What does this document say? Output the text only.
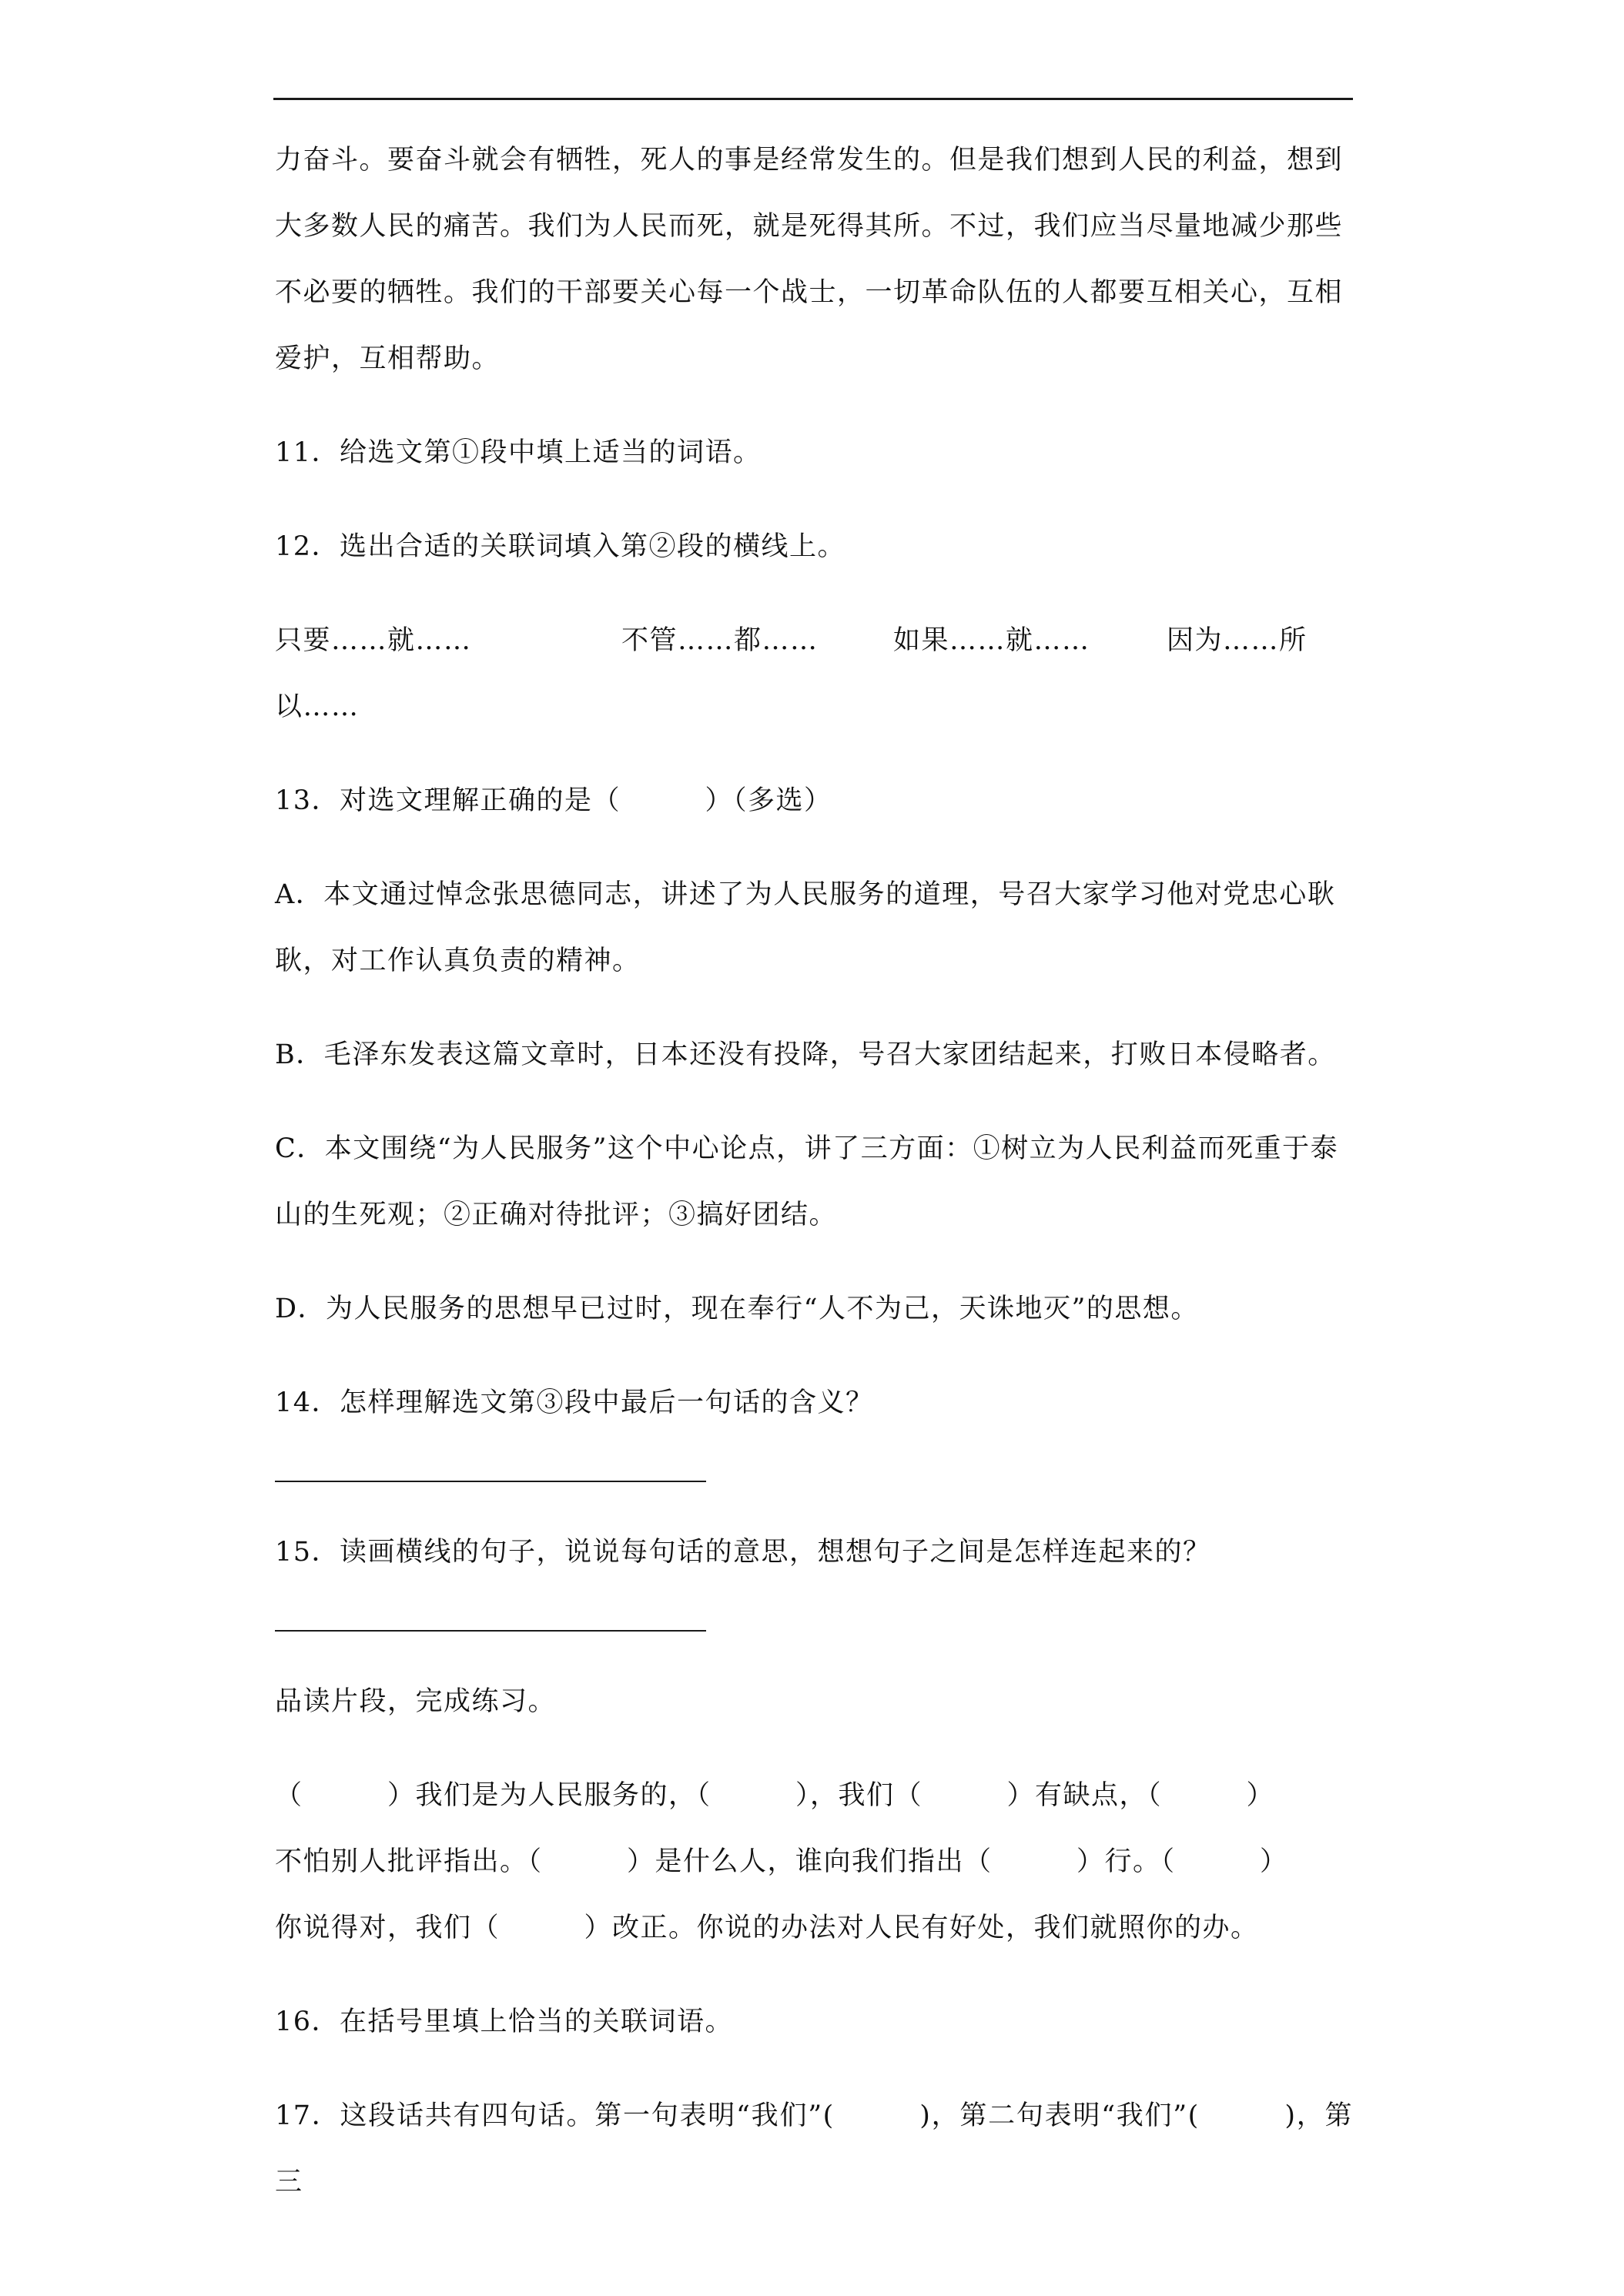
力奋斗。要奋斗就会有牺牲，死人的事是经常发生的。但是我们想到人民的利益，想到
大多数人民的痛苦。我们为人民而死，就是死得其所。不过，我们应当尽量地减少那些
不必要的牺牲。我们的干部要关心每一个战士，一切革命队伍的人都要互相关心，互相
爱护，互相帮助。
11．给选文第①段中填上适当的词语。
12．选出合适的关联词填入第②段的横线上。
只要……就……	不管……都……	如果……就……	因为……所
以……
13．对选文理解正确的是（　　　）（多选）
A．本文通过悼念张思德同志，讲述了为人民服务的道理，号召大家学习他对党忠心耿
耿，对工作认真负责的精神。
B．毛泽东发表这篇文章时，日本还没有投降，号召大家团结起来，打败日本侵略者。
C．本文围绕“为人民服务”这个中心论点，讲了三方面：①树立为人民利益而死重于泰
山的生死观；②正确对待批评；③搞好团结。
D．为人民服务的思想早已过时，现在奉行“人不为己，天诛地灭”的思想。
14．怎样理解选文第③段中最后一句话的含义？
15．读画横线的句子，说说每句话的意思，想想句子之间是怎样连起来的？
品读片段，完成练习。
（　　　）我们是为人民服务的，（　　　），我们（　　　）有缺点，（　　　）
不怕别人批评指出。（　　　）是什么人，谁向我们指出（　　　）行。（　　　）
你说得对，我们（　　　）改正。你说的办法对人民有好处，我们就照你的办。
16．在括号里填上恰当的关联词语。
17．这段话共有四句话。第一句表明“我们”(　　　)，第二句表明“我们”(　　　)，第三
